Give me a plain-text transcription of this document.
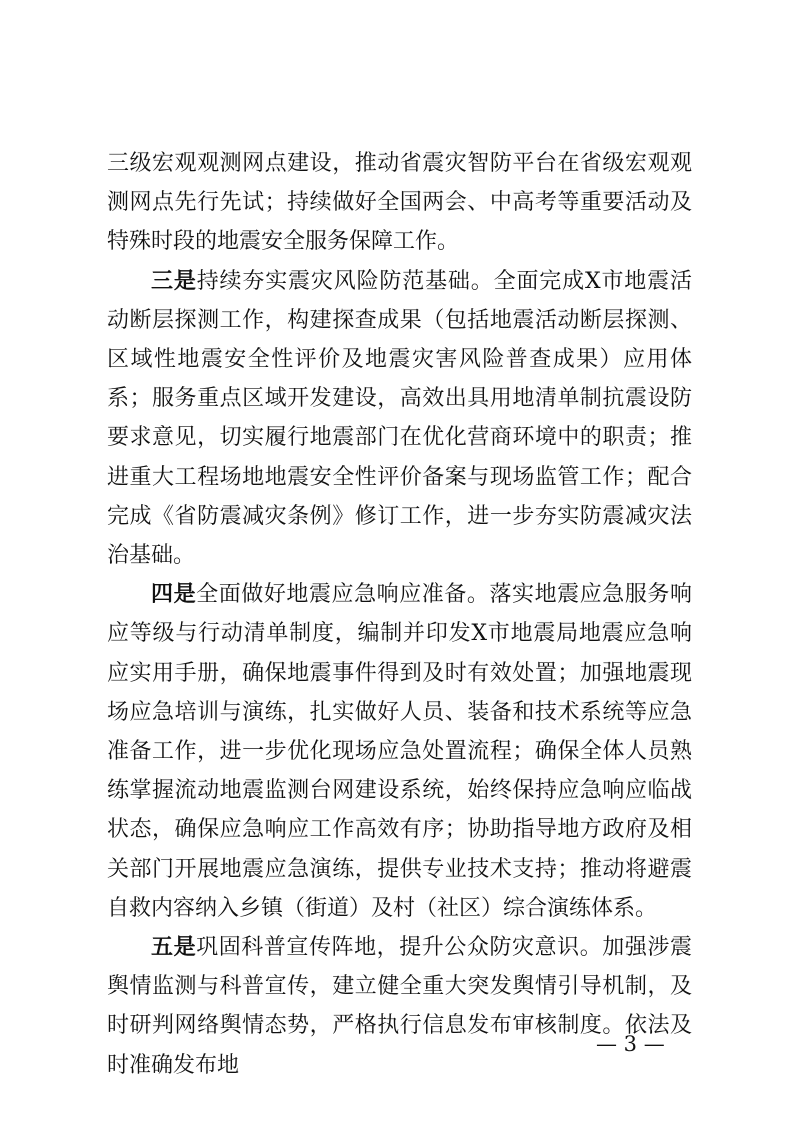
三级宏观观测网点建设，推动省震灾智防平台在省级宏观观测网点先行先试；持续做好全国两会、中高考等重要活动及特殊时段的地震安全服务保障工作。

三是持续夯实震灾风险防范基础。全面完成X市地震活动断层探测工作，构建探查成果（包括地震活动断层探测、区域性地震安全性评价及地震灾害风险普查成果）应用体系；服务重点区域开发建设，高效出具用地清单制抗震设防要求意见，切实履行地震部门在优化营商环境中的职责；推进重大工程场地地震安全性评价备案与现场监管工作；配合完成《省防震减灾条例》修订工作，进一步夯实防震减灾法治基础。

四是全面做好地震应急响应准备。落实地震应急服务响应等级与行动清单制度，编制并印发X市地震局地震应急响应实用手册，确保地震事件得到及时有效处置；加强地震现场应急培训与演练，扎实做好人员、装备和技术系统等应急准备工作，进一步优化现场应急处置流程；确保全体人员熟练掌握流动地震监测台网建设系统，始终保持应急响应临战状态，确保应急响应工作高效有序；协助指导地方政府及相关部门开展地震应急演练，提供专业技术支持；推动将避震自救内容纳入乡镇（街道）及村（社区）综合演练体系。

五是巩固科普宣传阵地，提升公众防灾意识。加强涉震舆情监测与科普宣传，建立健全重大突发舆情引导机制，及时研判网络舆情态势，严格执行信息发布审核制度。依法及时准确发布地

— 3 —
